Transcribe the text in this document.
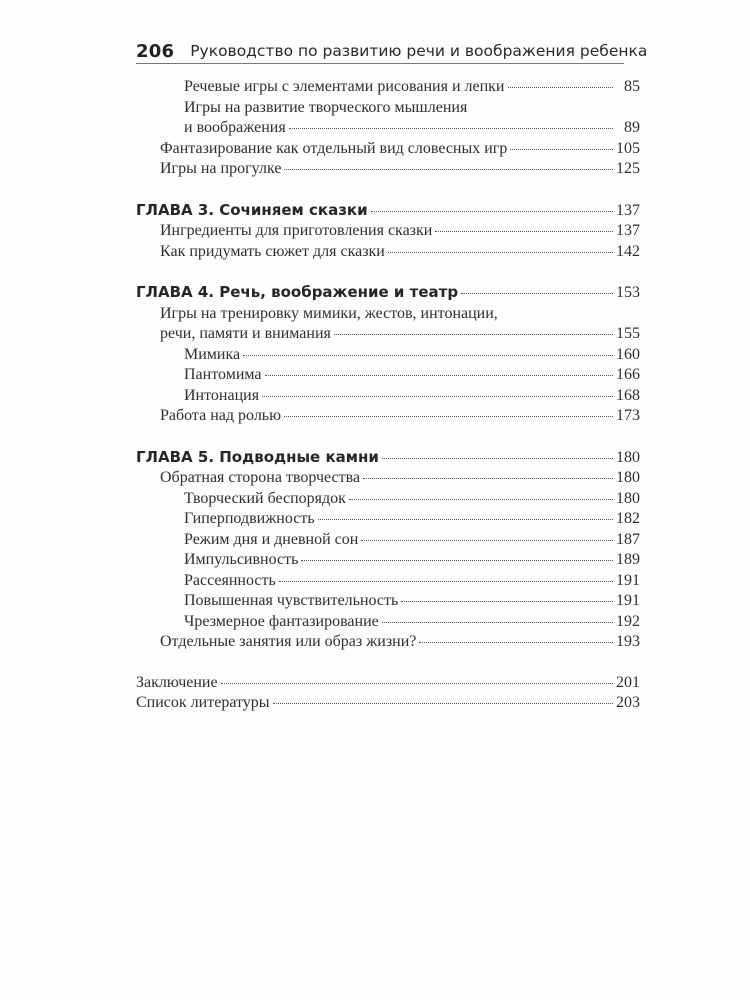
206	Руководство по развитию речи и воображения ребенка
Речевые игры с элементами рисования и лепки	85
Игры на развитие творческого мышления
и воображения	89
Фантазирование как отдельный вид словесных игр	105
Игры на прогулке	125
ГЛАВА 3. Сочиняем сказки	137
Ингредиенты для приготовления сказки	137
Как придумать сюжет для сказки	142
ГЛАВА 4. Речь, воображение и театр	153
Игры на тренировку мимики, жестов, интонации,
речи, памяти и внимания	155
Мимика	160
Пантомима	166
Интонация	168
Работа над ролью	173
ГЛАВА 5. Подводные камни	180
Обратная сторона творчества	180
Творческий беспорядок	180
Гиперподвижность	182
Режим дня и дневной сон	187
Импульсивность	189
Рассеянность	191
Повышенная чувствительность	191
Чрезмерное фантазирование	192
Отдельные занятия или образ жизни?	193
Заключение	201
Список литературы	203
